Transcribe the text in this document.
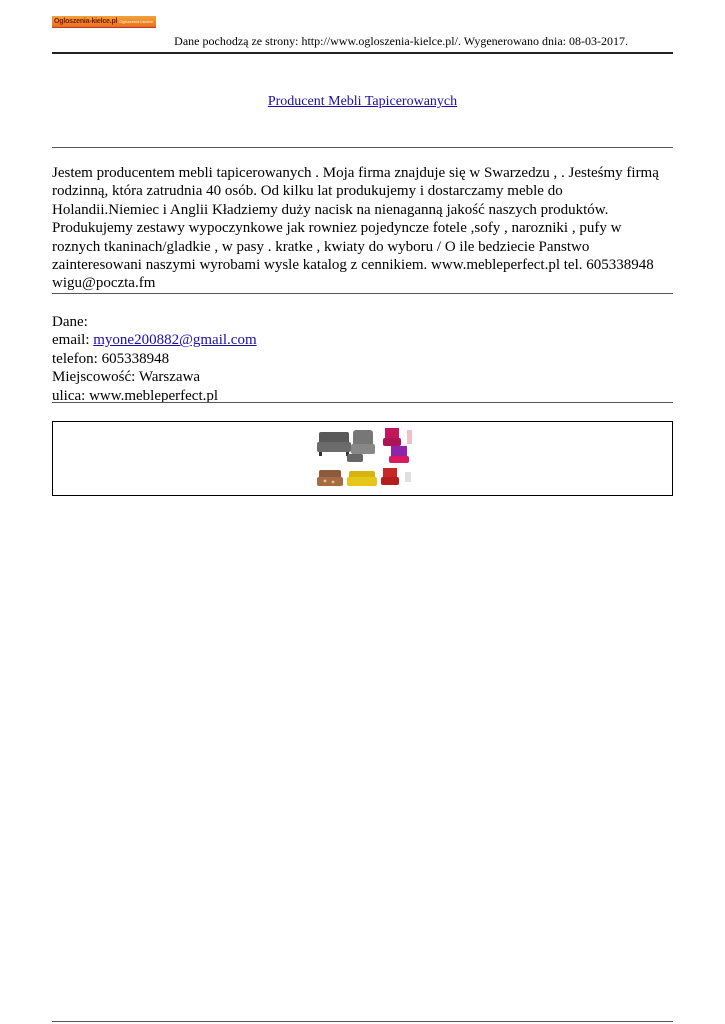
Ogloszenia-kielce.pl Ogłoszenia lokalne
Dane pochodzą ze strony: http://www.ogloszenia-kielce.pl/. Wygenerowano dnia: 08-03-2017.
Producent Mebli Tapicerowanych
Jestem producentem mebli tapicerowanych . Moja firma znajduje się w Swarzedzu , . Jesteśmy firmą rodzinną, która zatrudnia 40 osób. Od kilku lat produkujemy i dostarczamy meble do Holandii.Niemiec i Anglii Kładziemy duży nacisk na nienaganną jakość naszych produktów. Produkujemy zestawy wypoczynkowe jak rowniez pojedyncze fotele ,sofy , narozniki , pufy w roznych tkaninach/gladkie , w pasy . kratke , kwiaty do wyboru / O ile bedziecie Panstwo zainteresowani naszymi wyrobami wysle katalog z cennikiem. www.mebleperfect.pl tel. 605338948 wigu@poczta.fm
Dane:
email: myone200882@gmail.com
telefon: 605338948
Miejscowość: Warszawa
ulica: www.mebleperfect.pl
